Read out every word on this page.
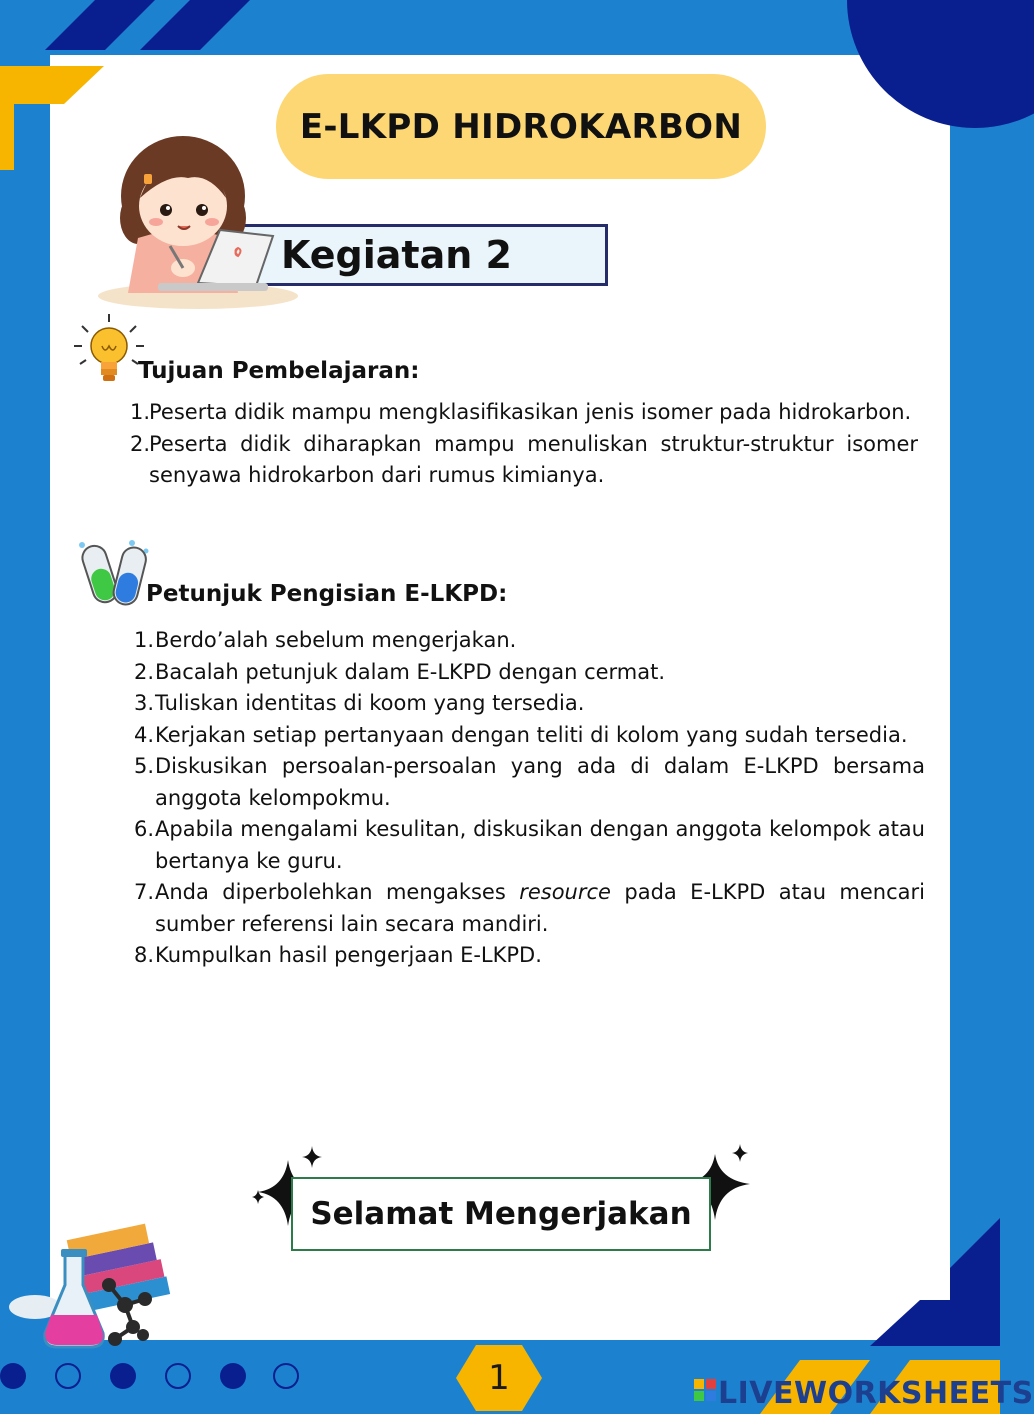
E-LKPD HIDROKARBON
Kegiatan 2
Tujuan Pembelajaran:
1.
Peserta didik mampu mengklasifikasikan jenis isomer pada hidrokarbon.
2.
Peserta didik diharapkan mampu menuliskan struktur-struktur isomer senyawa hidrokarbon dari rumus kimianya.
Petunjuk Pengisian E-LKPD:
1. Berdo’alah sebelum mengerjakan.
2. Bacalah petunjuk dalam E-LKPD dengan cermat.
3. Tuliskan identitas di koom yang tersedia.
4. Kerjakan setiap pertanyaan dengan teliti di kolom yang sudah tersedia.
5. Diskusikan persoalan-persoalan yang ada di dalam E-LKPD bersama anggota kelompokmu.
6. Apabila mengalami kesulitan, diskusikan dengan anggota kelompok atau bertanya ke guru.
7. Anda diperbolehkan mengakses resource pada E-LKPD atau mencari sumber referensi lain secara mandiri.
8. Kumpulkan hasil pengerjaan E-LKPD.
Selamat Mengerjakan
1	LIVEWORKSHEETS
